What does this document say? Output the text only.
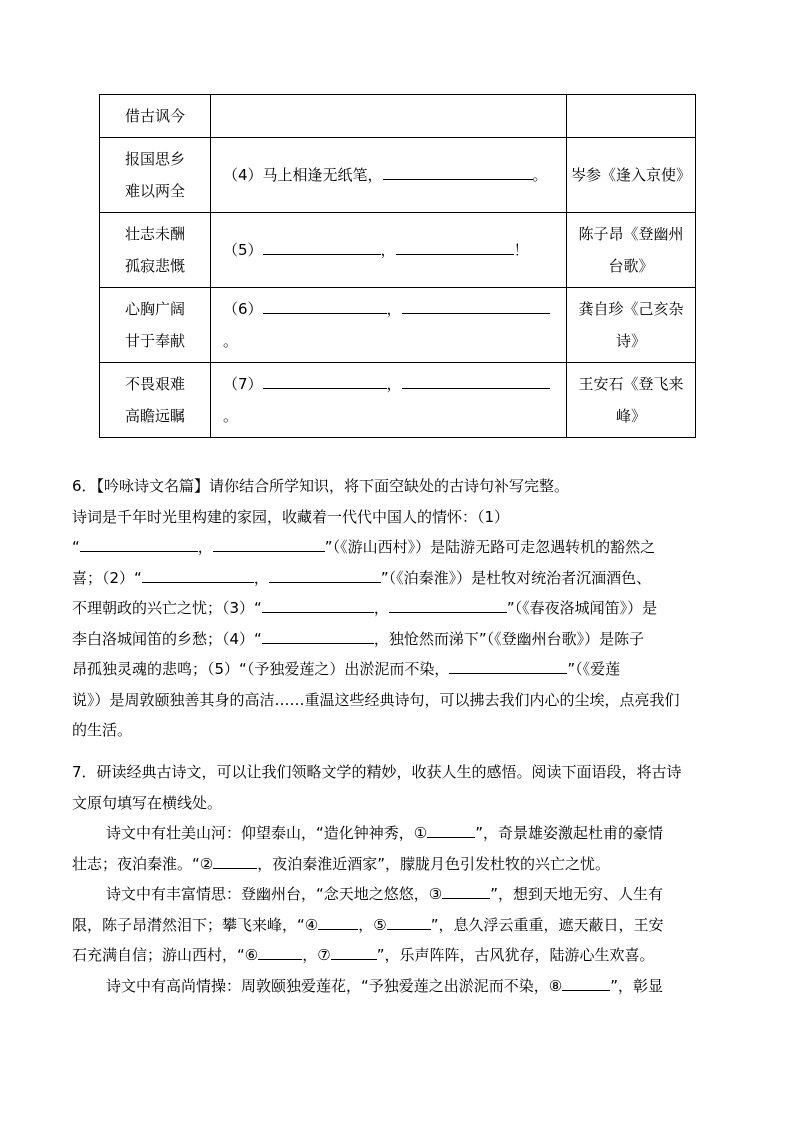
借古讽今		

报国思乡
难以两全	（4）马上相逢无纸笔， 。	岑参《逢入京使》

壮志未酬
孤寂悲慨	（5） ， ！	陈子昂《登幽州
台歌》

心胸广阔
甘于奉献	（6） ，
。	龚自珍《己亥杂
诗》

不畏艰难
高瞻远瞩	（7） ，
。	王安石《登飞来
峰》

6．【吟咏诗文名篇】请你结合所学知识，将下面空缺处的古诗句补写完整。

诗词是千年时光里构建的家园，收藏着一代代中国人的情怀：（1）

“	，	”（《游山西村》）是陆游无路可走忽遇转机的豁然之

喜；（2）“	，	”（《泊秦淮》）是杜牧对统治者沉湎酒色、

不理朝政的兴亡之忧；（3）“	，	”（《春夜洛城闻笛》）是

李白洛城闻笛的乡愁；（4）“	，独怆然而涕下”（《登幽州台歌》）是陈子

昂孤独灵魂的悲鸣；（5）“（予独爱莲之）出淤泥而不染，	”（《爱莲

说》）是周敦颐独善其身的高洁……重温这些经典诗句，可以拂去我们内心的尘埃，点亮我们

的生活。

7．研读经典古诗文，可以让我们领略文学的精妙，收获人生的感悟。阅读下面语段，将古诗

文原句填写在横线处。

诗文中有壮美山河：仰望泰山，“造化钟神秀，①	”，奇景雄姿激起杜甫的豪情

壮志；夜泊秦淮。“②	，夜泊秦淮近酒家”，朦胧月色引发杜牧的兴亡之忧。

诗文中有丰富情思：登幽州台，“念天地之悠悠，③	”，想到天地无穷、人生有

限，陈子昂潸然泪下；攀飞来峰，“④	，⑤	”，息久浮云重重，遮天蔽日，王安

石充满自信；游山西村，“⑥	，⑦	”，乐声阵阵，古风犹存，陆游心生欢喜。

诗文中有高尚情操：周敦颐独爱莲花，“予独爱莲之出淤泥而不染，⑧	”，彰显
